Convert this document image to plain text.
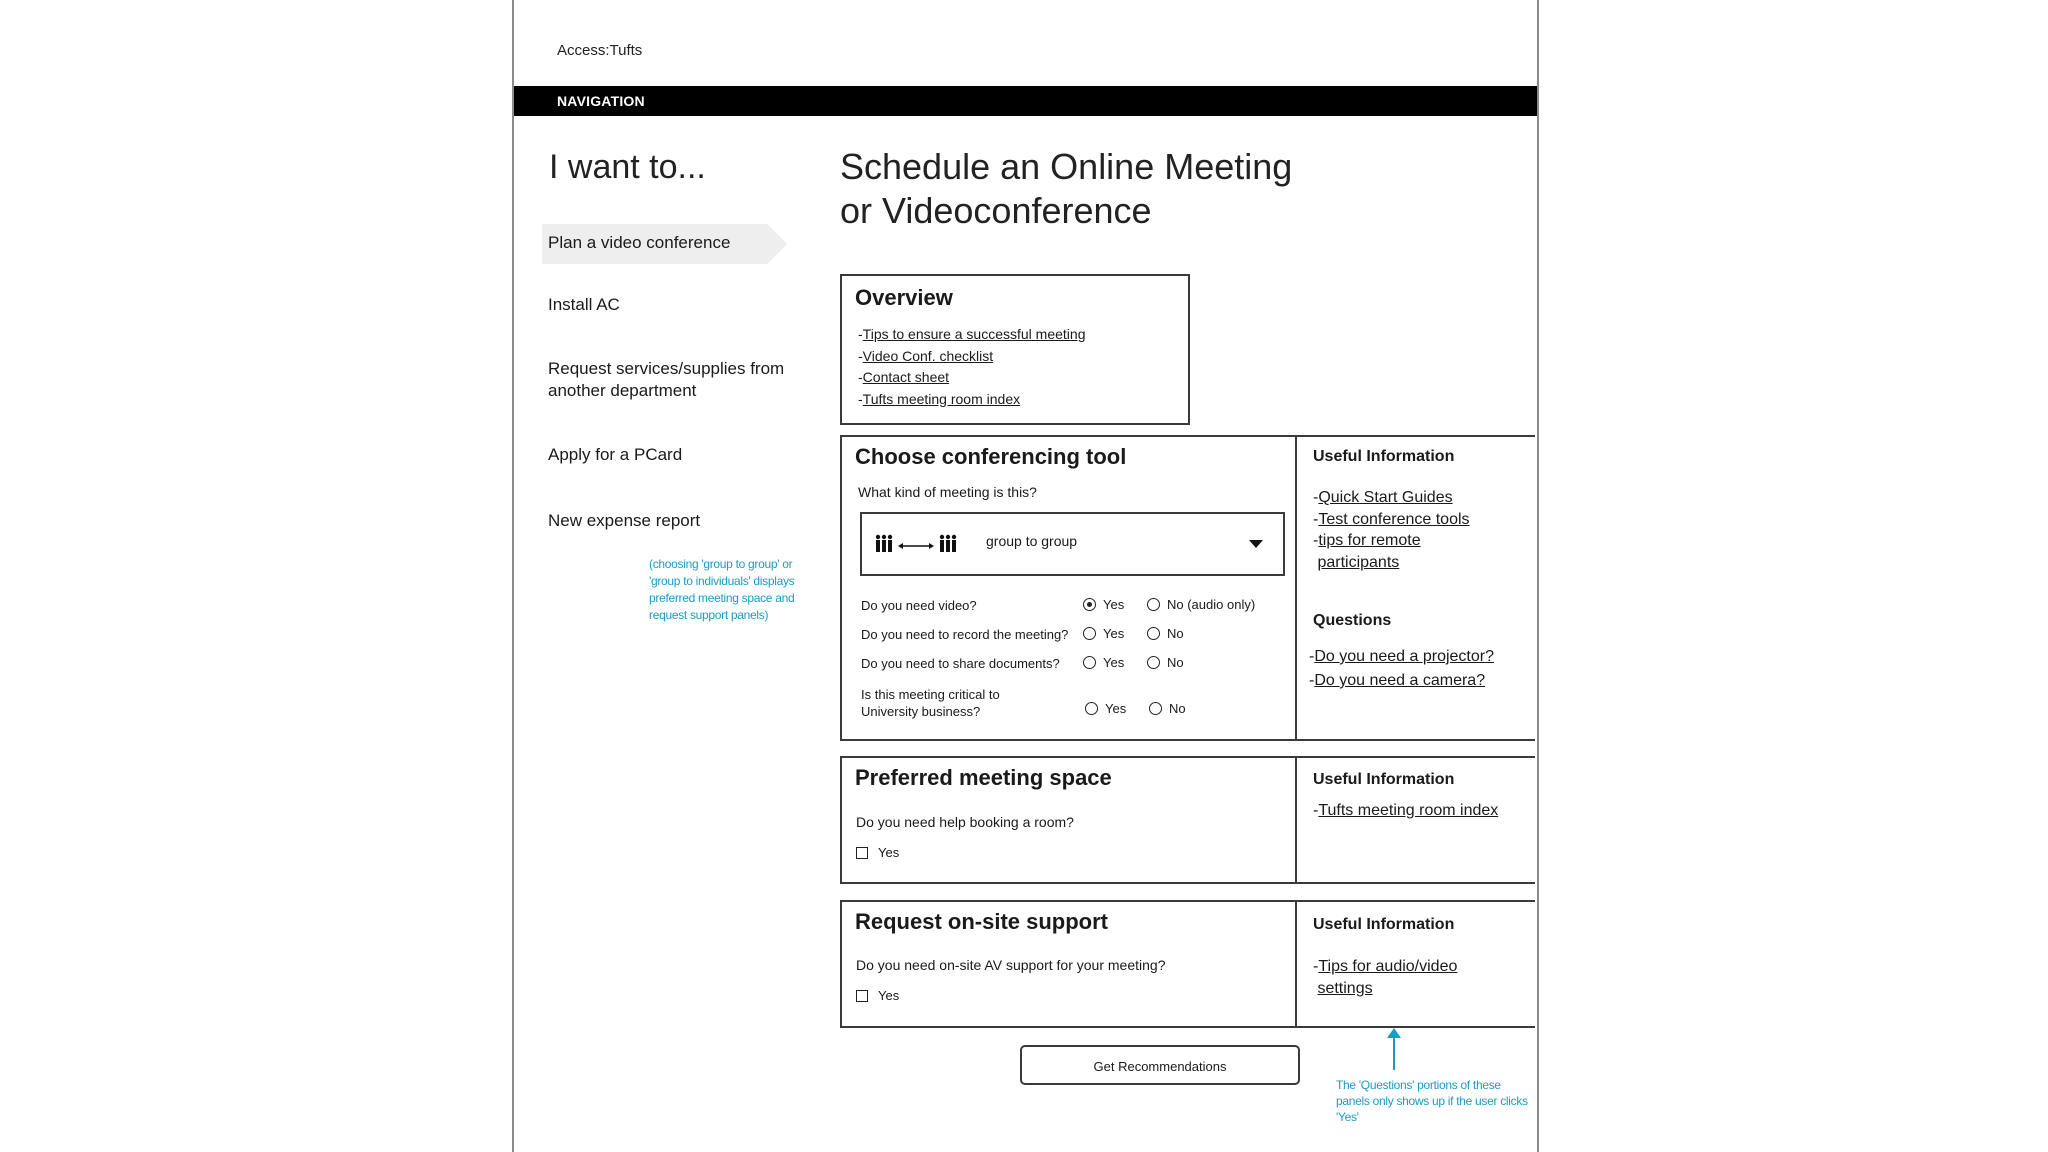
Access:Tufts
NAVIGATION
I want to...
Plan a video conference
Install AC
Request services/supplies from another department
Apply for a PCard
New expense report
(choosing 'group to group' or 'group to individuals' displays preferred meeting space and request support panels)
Schedule an Online Meeting
or Videoconference
Overview
-Tips to ensure a successful meeting
-Video Conf. checklist
-Contact sheet
-Tufts meeting room index
Choose conferencing tool
What kind of meeting is this?
group to group
Do you need video?	Yes	No (audio only)
Do you need to record the meeting?	Yes	No
Do you need to share documents?	Yes	No
Is this meeting critical to
University business?	Yes	No
Useful Information
-Quick Start Guides
-Test conference tools
-tips for remote
participants
Questions
-Do you need a projector?
-Do you need a camera?
Preferred meeting space
Do you need help booking a room?
Yes
Useful Information
-Tufts meeting room index
Request on-site support
Do you need on-site AV support for your meeting?
Yes
Useful Information
-Tips for audio/video
settings
Get Recommendations
The 'Questions' portions of these panels only shows up if the user clicks 'Yes'
